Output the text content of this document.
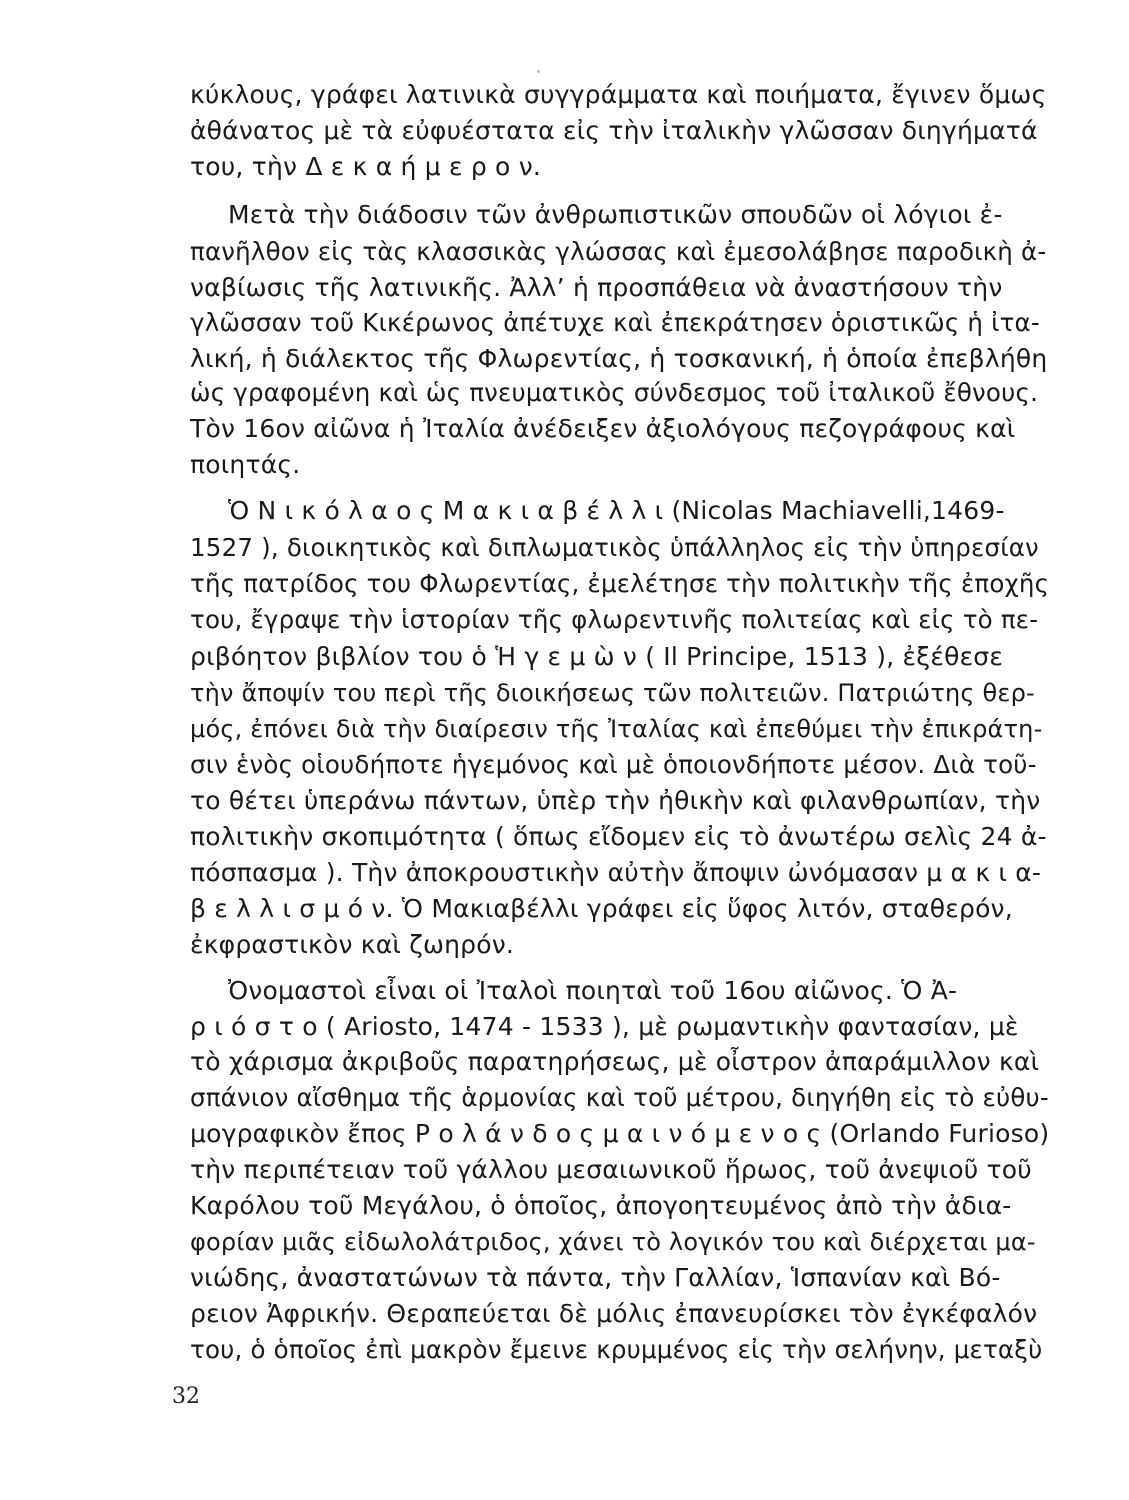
κύκλους, γράφει λατινικὰ συγγράμματα καὶ ποιήματα, ἔγινεν ὅμως
ἀθάνατος μὲ τὰ εὐφυέστατα εἰς τὴν ἰταλικὴν γλῶσσαν διηγήματά
του, τὴν Δ ε κ α ή μ ε ρ ο ν.
Μετὰ τὴν διάδοσιν τῶν ἀνθρωπιστικῶν σπουδῶν οἱ λόγιοι ἐ-
πανῆλθον εἰς τὰς κλασσικὰς γλώσσας καὶ ἐμεσολάβησε παροδικὴ ἀ-
ναβίωσις τῆς λατινικῆς. Ἀλλ’ ἡ προσπάθεια νὰ ἀναστήσουν τὴν
γλῶσσαν τοῦ Κικέρωνος ἀπέτυχε καὶ ἐπεκράτησεν ὁριστικῶς ἡ ἰτα-
λική, ἡ διάλεκτος τῆς Φλωρεντίας, ἡ τοσκανική, ἡ ὁποία ἐπεβλήθη
ὡς γραφομένη καὶ ὡς πνευματικὸς σύνδεσμος τοῦ ἰταλικοῦ ἔθνους.
Τὸν 16ον αἰῶνα ἡ Ἰταλία ἀνέδειξεν ἀξιολόγους πεζογράφους καὶ
ποιητάς.
Ὁ Ν ι κ ό λ α ο ς Μ α κ ι α β έ λ λ ι (Nicolas Machiavelli,1469-
1527 ), διοικητικὸς καὶ διπλωματικὸς ὑπάλληλος εἰς τὴν ὑπηρεσίαν
τῆς πατρίδος του Φλωρεντίας, ἐμελέτησε τὴν πολιτικὴν τῆς ἐποχῆς
του, ἔγραψε τὴν ἱστορίαν τῆς φλωρεντινῆς πολιτείας καὶ εἰς τὸ πε-
ριβόητον βιβλίον του ὁ Ἡ γ ε μ ὼ ν ( Il Principe, 1513 ), ἐξέθεσε
τὴν ἄποψίν του περὶ τῆς διοικήσεως τῶν πολιτειῶν. Πατριώτης θερ-
μός, ἐπόνει διὰ τὴν διαίρεσιν τῆς Ἰταλίας καὶ ἐπεθύμει τὴν ἐπικράτη-
σιν ἑνὸς οἱουδήποτε ἡγεμόνος καὶ μὲ ὁποιονδήποτε μέσον. Διὰ τοῦ-
το θέτει ὑπεράνω πάντων, ὑπὲρ τὴν ἠθικὴν καὶ φιλανθρωπίαν, τὴν
πολιτικὴν σκοπιμότητα ( ὅπως εἴδομεν εἰς τὸ ἀνωτέρω σελὶς 24 ἀ-
πόσπασμα ). Τὴν ἀποκρουστικὴν αὐτὴν ἄποψιν ὠνόμασαν μ α κ ι α-
β ε λ λ ι σ μ ό ν. Ὁ Μακιαβέλλι γράφει εἰς ὕφος λιτόν, σταθερόν,
ἐκφραστικὸν καὶ ζωηρόν.
Ὀνομαστοὶ εἶναι οἱ Ἰταλοὶ ποιηταὶ τοῦ 16ου αἰῶνος. Ὁ Ἀ-
ρ ι ό σ τ ο ( Ariosto, 1474 - 1533 ), μὲ ρωμαντικὴν φαντασίαν, μὲ
τὸ χάρισμα ἀκριβοῦς παρατηρήσεως, μὲ οἶστρον ἀπαράμιλλον καὶ
σπάνιον αἴσθημα τῆς ἁρμονίας καὶ τοῦ μέτρου, διηγήθη εἰς τὸ εὐθυ-
μογραφικὸν ἔπος Ρ ο λ ά ν δ ο ς μ α ι ν ό μ ε ν ο ς (Orlando Furioso)
τὴν περιπέτειαν τοῦ γάλλου μεσαιωνικοῦ ἥρωος, τοῦ ἀνεψιοῦ τοῦ
Καρόλου τοῦ Μεγάλου, ὁ ὁποῖος, ἀπογοητευμένος ἀπὸ τὴν ἀδια-
φορίαν μιᾶς εἰδωλολάτριδος, χάνει τὸ λογικόν του καὶ διέρχεται μα-
νιώδης, ἀναστατώνων τὰ πάντα, τὴν Γαλλίαν, Ἱσπανίαν καὶ Βό-
ρειον Ἀφρικήν. Θεραπεύεται δὲ μόλις ἐπανευρίσκει τὸν ἐγκέφαλόν
του, ὁ ὁποῖος ἐπὶ μακρὸν ἔμεινε κρυμμένος εἰς τὴν σελήνην, μεταξὺ
32
